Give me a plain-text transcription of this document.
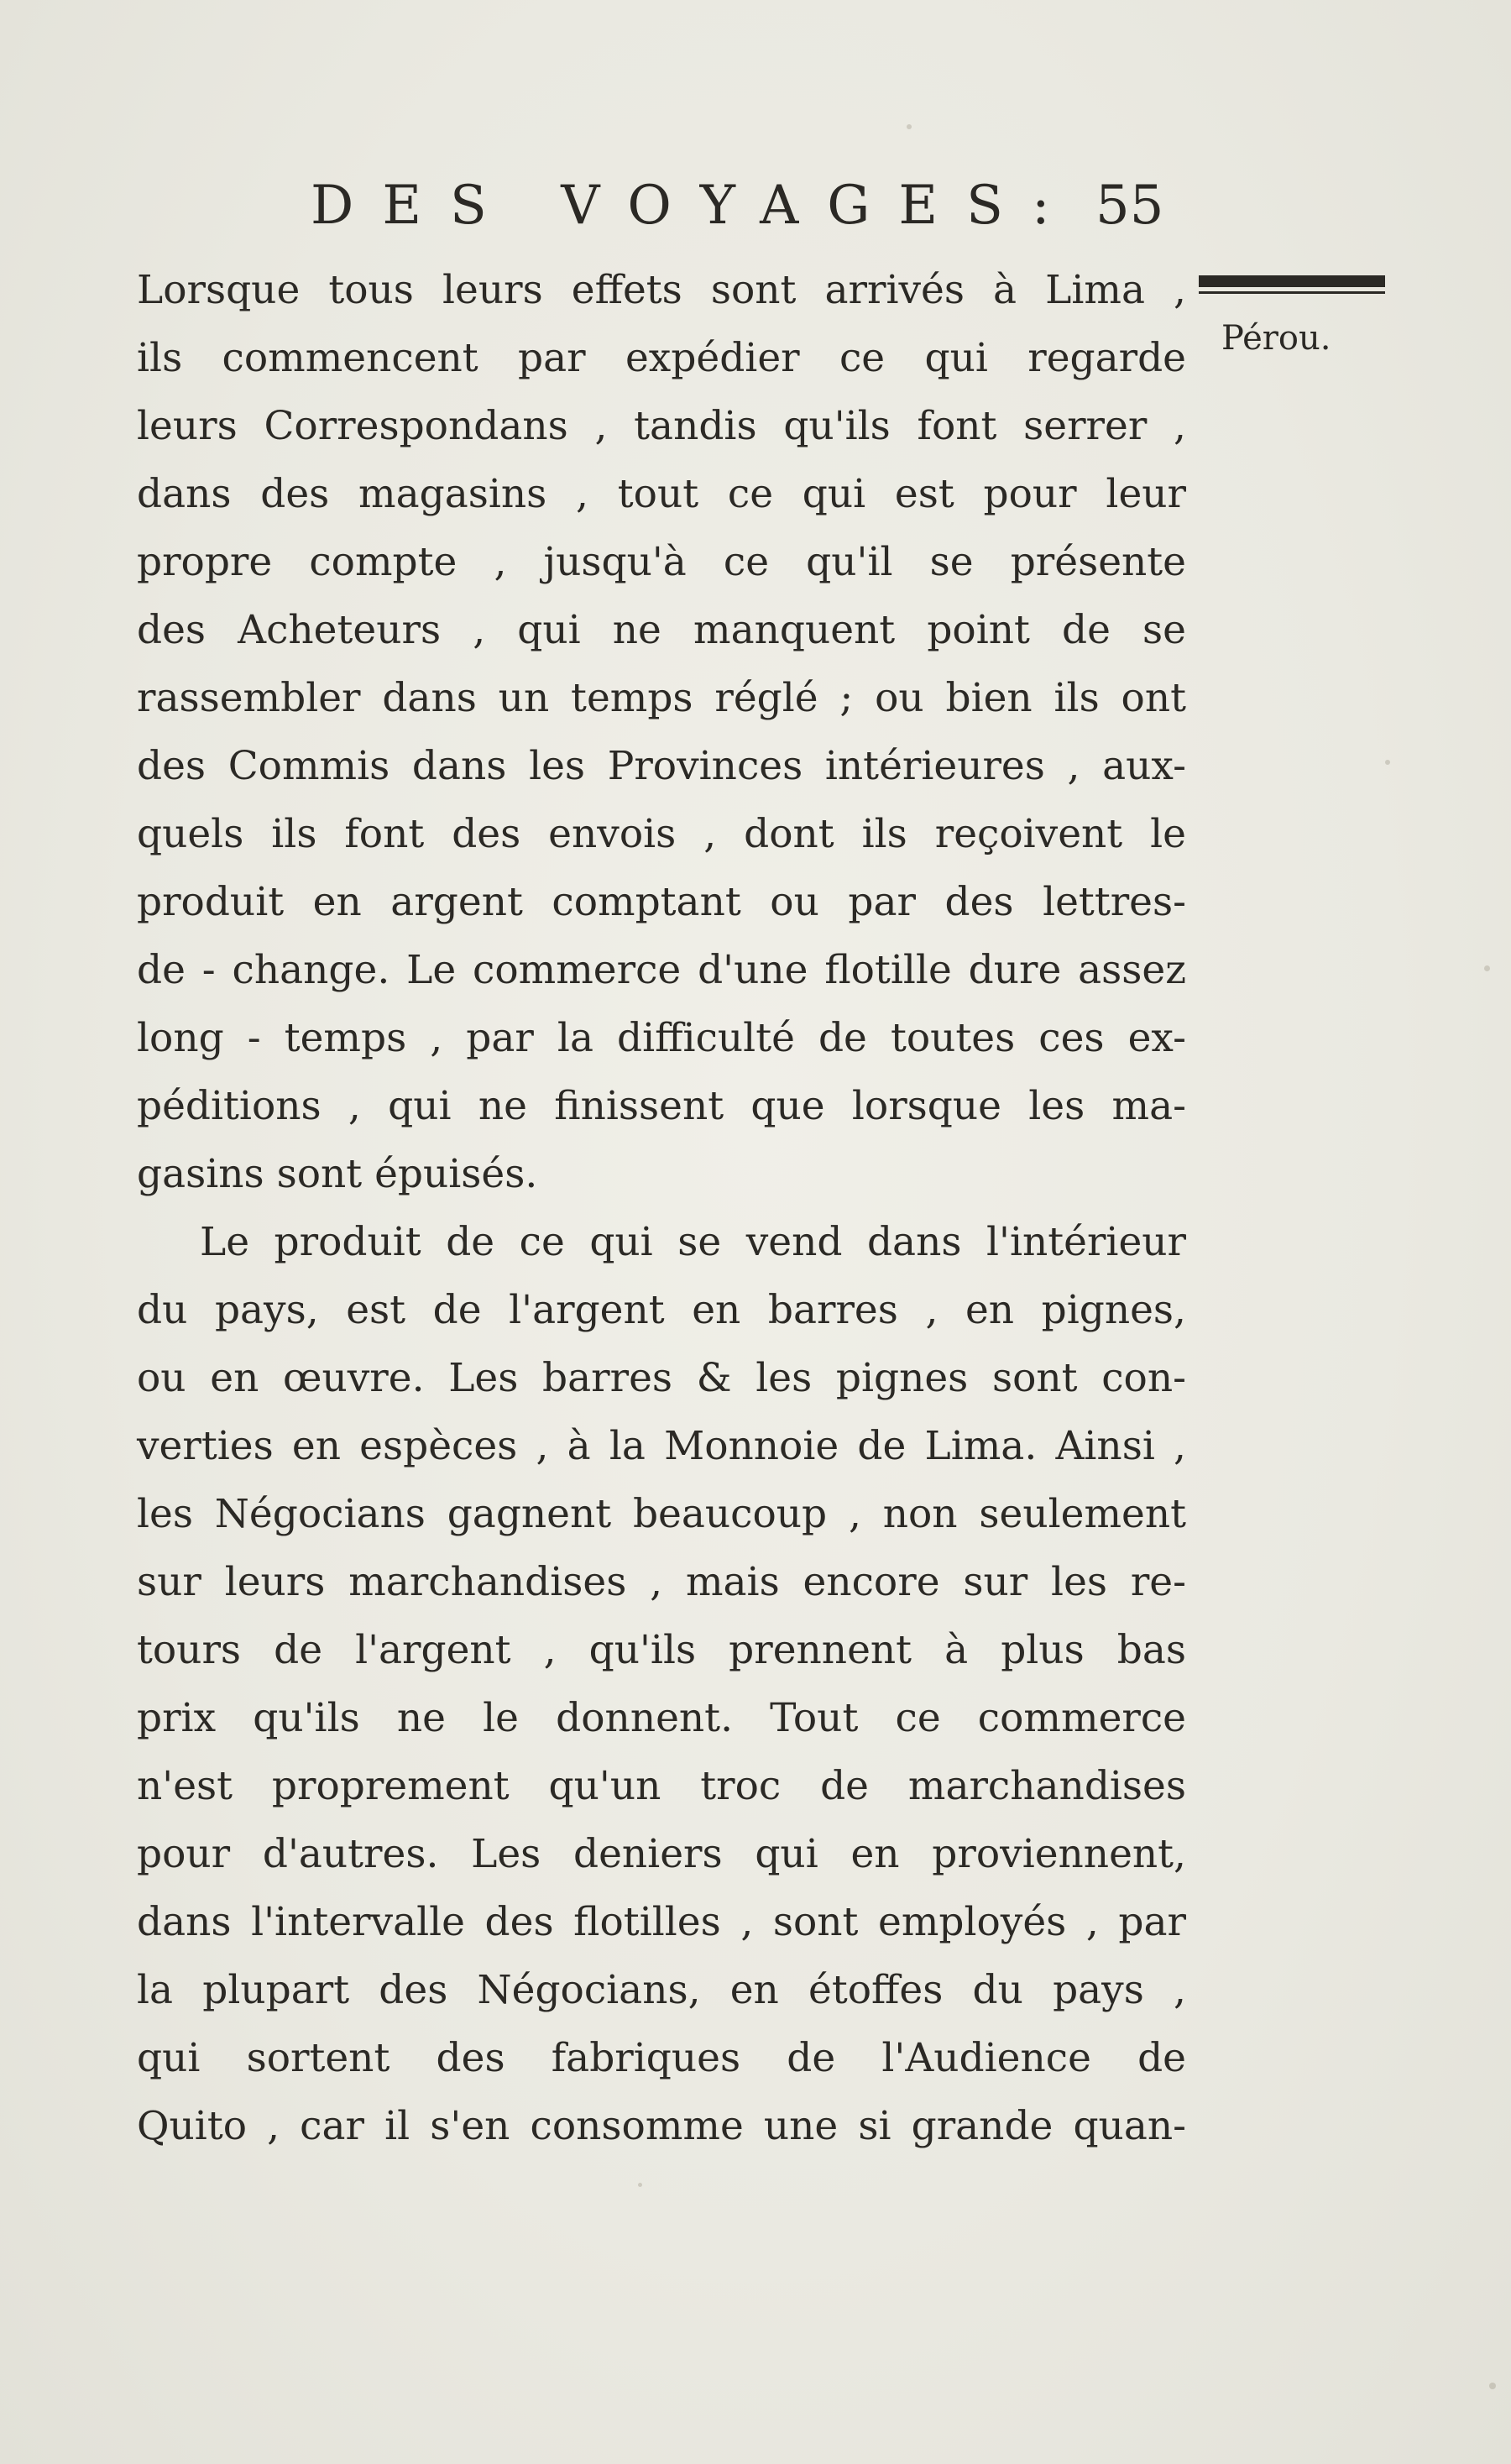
DES VOYAGES: 55
Pérou.
Lorsque tous leurs effets sont arrivés à Lima ,
ils commencent par expédier ce qui regarde
leurs Correspondans , tandis qu'ils font serrer ,
dans des magasins , tout ce qui est pour leur
propre compte , jusqu'à ce qu'il se présente
des Acheteurs , qui ne manquent point de se
rassembler dans un temps réglé ; ou bien ils ont
des Commis dans les Provinces intérieures , aux-
quels ils font des envois , dont ils reçoivent le
produit en argent comptant ou par des lettres-
de - change. Le commerce d'une flotille dure assez
long - temps , par la difficulté de toutes ces ex-
péditions , qui ne finissent que lorsque les ma-
gasins sont épuisés.
Le produit de ce qui se vend dans l'intérieur
du pays, est de l'argent en barres , en pignes,
ou en œuvre. Les barres & les pignes sont con-
verties en espèces , à la Monnoie de Lima. Ainsi ,
les Négocians gagnent beaucoup , non seulement
sur leurs marchandises , mais encore sur les re-
tours de l'argent , qu'ils prennent à plus bas
prix qu'ils ne le donnent. Tout ce commerce
n'est proprement qu'un troc de marchandises
pour d'autres. Les deniers qui en proviennent,
dans l'intervalle des flotilles , sont employés , par
la plupart des Négocians, en étoffes du pays ,
qui sortent des fabriques de l'Audience de
Quito , car il s'en consomme une si grande quan-
